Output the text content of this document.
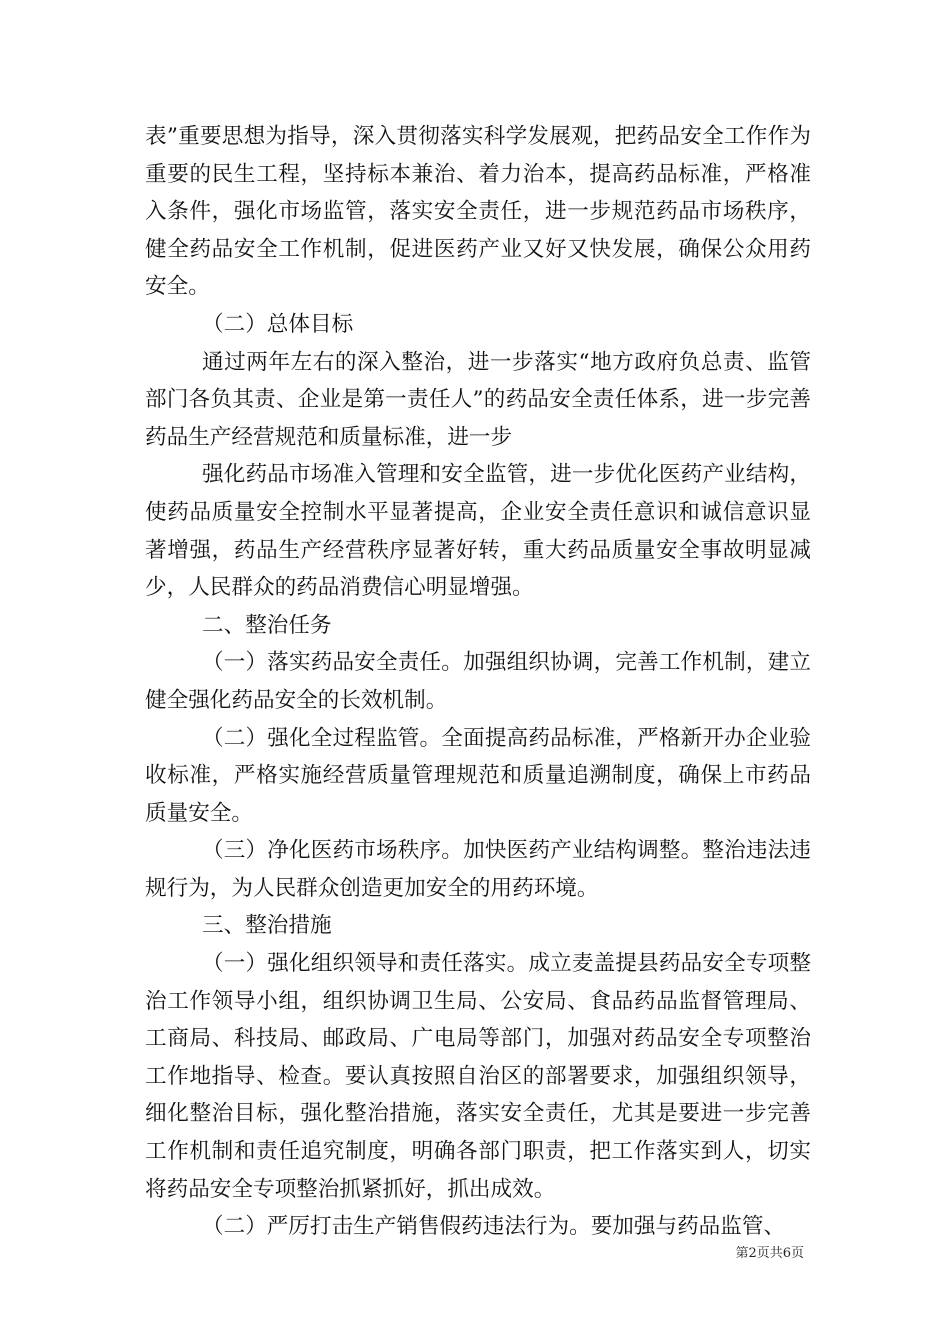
表”重要思想为指导，深入贯彻落实科学发展观，把药品安全工作作为重要的民生工程，坚持标本兼治、着力治本，提高药品标准，严格准入条件，强化市场监管，落实安全责任，进一步规范药品市场秩序，健全药品安全工作机制，促进医药产业又好又快发展，确保公众用药安全。

（二）总体目标

通过两年左右的深入整治，进一步落实“地方政府负总责、监管部门各负其责、企业是第一责任人”的药品安全责任体系，进一步完善药品生产经营规范和质量标准，进一步

强化药品市场准入管理和安全监管，进一步优化医药产业结构，使药品质量安全控制水平显著提高，企业安全责任意识和诚信意识显著增强，药品生产经营秩序显著好转，重大药品质量安全事故明显减少，人民群众的药品消费信心明显增强。

二、整治任务

（一）落实药品安全责任。加强组织协调，完善工作机制，建立健全强化药品安全的长效机制。

（二）强化全过程监管。全面提高药品标准，严格新开办企业验收标准，严格实施经营质量管理规范和质量追溯制度，确保上市药品质量安全。

（三）净化医药市场秩序。加快医药产业结构调整。整治违法违规行为，为人民群众创造更加安全的用药环境。

三、整治措施

（一）强化组织领导和责任落实。成立麦盖提县药品安全专项整治工作领导小组，组织协调卫生局、公安局、食品药品监督管理局、工商局、科技局、邮政局、广电局等部门，加强对药品安全专项整治工作地指导、检查。要认真按照自治区的部署要求，加强组织领导，细化整治目标，强化整治措施，落实安全责任，尤其是要进一步完善工作机制和责任追究制度，明确各部门职责，把工作落实到人，切实将药品安全专项整治抓紧抓好，抓出成效。

（二）严厉打击生产销售假药违法行为。要加强与药品监管、

第2页共6页
